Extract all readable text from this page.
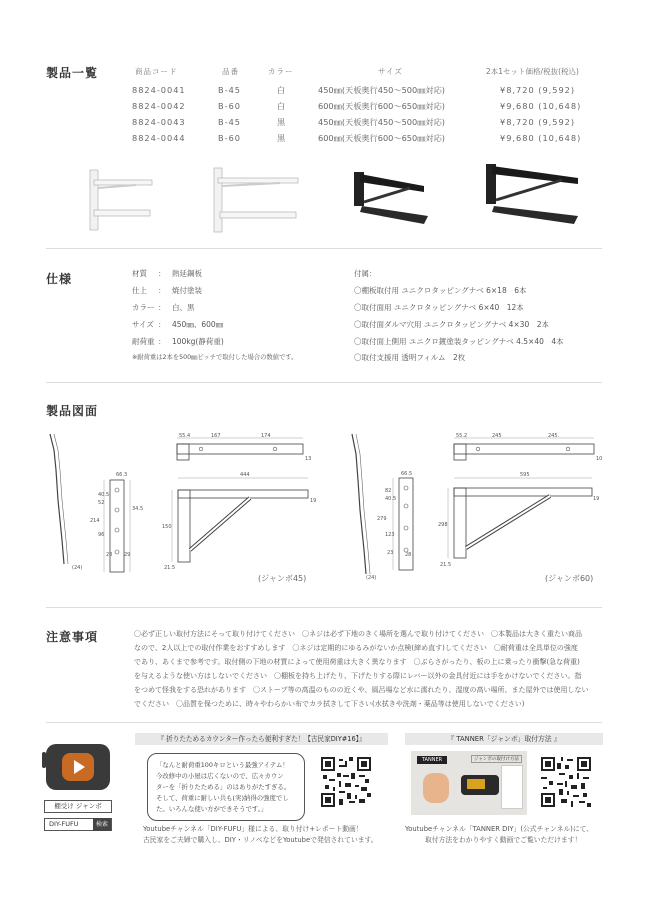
製品一覧	商品コード	品番	カラー	サイズ	2本1セット価格/税抜(税込)
8824-0041	B-45	白	450㎜(天板奥行450〜500㎜対応)	¥8,720 (9,592)
8824-0042	B-60	白	600㎜(天板奥行600〜650㎜対応)	¥9,680 (10,648)
8824-0043	B-45	黒	450㎜(天板奥行450〜500㎜対応)	¥8,720 (9,592)
8824-0044	B-60	黒	600㎜(天板奥行600〜650㎜対応)	¥9,680 (10,648)
仕様	材質 ： 熱延鋼板
仕上 ： 焼付塗装
カラー ： 白、黒
サイズ ： 450㎜、600㎜
耐荷重 ： 100kg(静荷重)
※耐荷重は2本を500㎜ピッチで取付した場合の数値です。
付属：
〇棚板取付用 ユニクロタッピングナベ 6×18　6本
〇取付面用 ユニクロタッピングナベ 6×40　12本
〇取付面ダルマ穴用 ユニクロタッピングナベ 4×30　2本
〇取付面上側用 ユニクロ鍍塗装タッピングナベ 4.5×40　4本
〇取付支援用 透明フィルム　2枚
製品図面
(24)
66.3
52
40.5
214
96
28 29
34.5
55.4	167	174
13
444
150
21.5
19
(ジャンボ45)	(24)
66.5
40.5
82
279
123
23 28
55.2	245	245.
10
595
298
21.5
19
(ジャンボ60)
注意事項	〇必ず正しい取付方法にそって取り付けてください　〇ネジは必ず下地のきく場所を選んで取り付けてください　〇本製品は大きく重たい商品
なので、2人以上での取付作業をおすすめします　〇ネジは定期的にゆるみがないか点検(締め直す)してください　〇耐荷重は全具単位の強度
であり、あくまで参考です。取付側の下地の材質によって使用荷重は大きく異なります　〇ぶらさがったり、板の上に乗ったり衝撃(急な荷重)
を与えるような使い方はしないでください　〇棚板を持ち上げたり、下げたりする際にレバー以外の金具付近には手をかけないでください。指
をつめて怪我をする恐れがあります　〇ストーブ等の高温のものの近くや、風呂場など水に濡れたり、湿度の高い場所、また屋外では使用しない
でください　〇品質を保つために、時々やわらかい布でカラ拭きして下さい(水拭きや洗剤・薬品等は使用しないでください)
棚受け ジャンボ
DIY-FUFU	検索
『 折りたためるカウンター作ったら便利すぎた！【古民家DIY#16】』
「なんと耐荷重100キロという最強アイテム！
今改修中の小屋は広くないので、広々カウン
ターを「折りたためる」のはありがたすぎる。
そして、荷重に耐しい共も(実)納得の強度でし
た。いろんな使い方ができそうです。」
Youtubeチャンネル「DIY-FUFU」様による、取り付け+レポート動画！
古民家をご夫婦で購入し、DIY・リノベなどをYoutubeで発信されています。
『 TANNER「ジャンボ」取付方法 』
TANNER	ジャンボの取付け方法
Youtubeチャンネル「TANNER DIY」(公式チャンネル)にて、
取付方法をわかりやすく動画でご覧いただけます！
